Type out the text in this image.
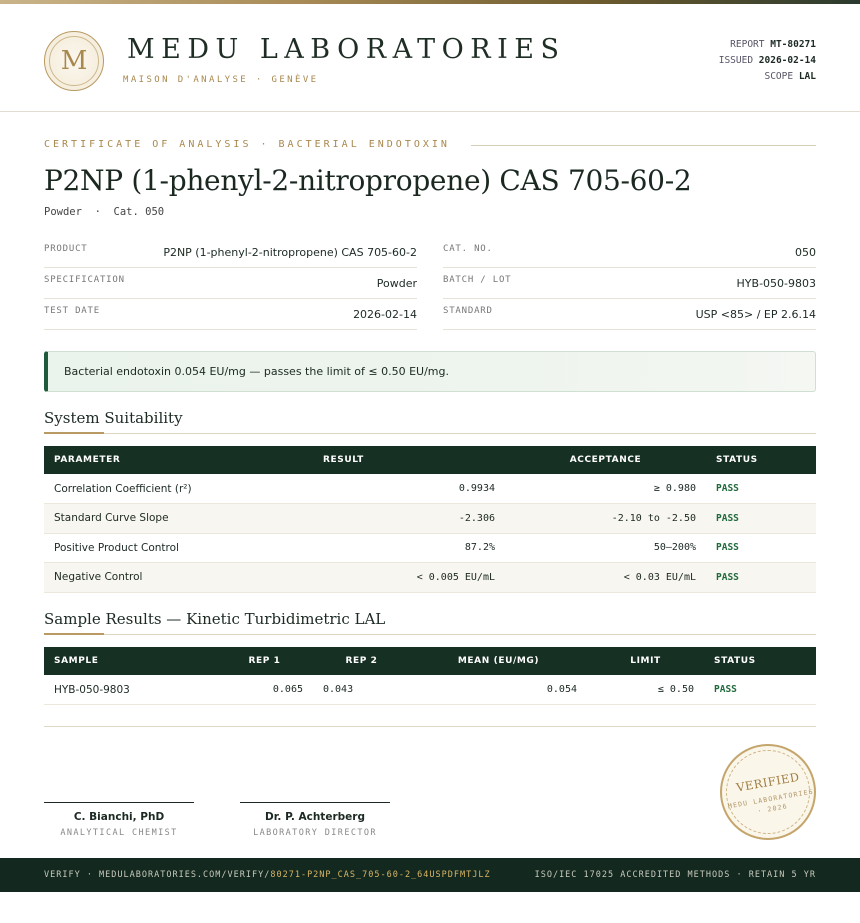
M	MEDU LABORATORIES
MAISON D'ANALYSE · GENÈVE
REPORT MT-80271
ISSUED 2026-02-14
SCOPE LAL
CERTIFICATE OF ANALYSIS · BACTERIAL ENDOTOXIN
P2NP (1-phenyl-2-nitropropene) CAS 705-60-2
Powder  ·  Cat. 050
PRODUCT	P2NP (1-phenyl-2-nitropropene) CAS 705-60-2
SPECIFICATION	Powder
TEST DATE	2026-02-14
CAT. NO.	050
BATCH / LOT	HYB-050-9803
STANDARD	USP <85> / EP 2.6.14
Bacterial endotoxin 0.054 EU/mg — passes the limit of ≤ 0.50 EU/mg.
System Suitability
PARAMETER	RESULT	ACCEPTANCE	STATUS
Correlation Coefficient (r²)	0.9934	≥ 0.980	PASS
Standard Curve Slope	-2.306	-2.10 to -2.50	PASS
Positive Product Control	87.2%	50–200%	PASS
Negative Control	< 0.005 EU/mL	< 0.03 EU/mL	PASS
Sample Results — Kinetic Turbidimetric LAL
SAMPLE	REP 1	REP 2	MEAN (EU/MG)	LIMIT	STATUS
HYB-050-9803	0.065	0.043	0.054	≤ 0.50	PASS
C. Bianchi, PhD
ANALYTICAL CHEMIST
Dr. P. Achterberg
LABORATORY DIRECTOR
VERIFIED
MEDU LABORATORIES · 2026
VERIFY · MEDULABORATORIES.COM/VERIFY/80271-P2NP_CAS_705-60-2_64USPDFMTJLZ	ISO/IEC 17025 ACCREDITED METHODS · RETAIN 5 YR
